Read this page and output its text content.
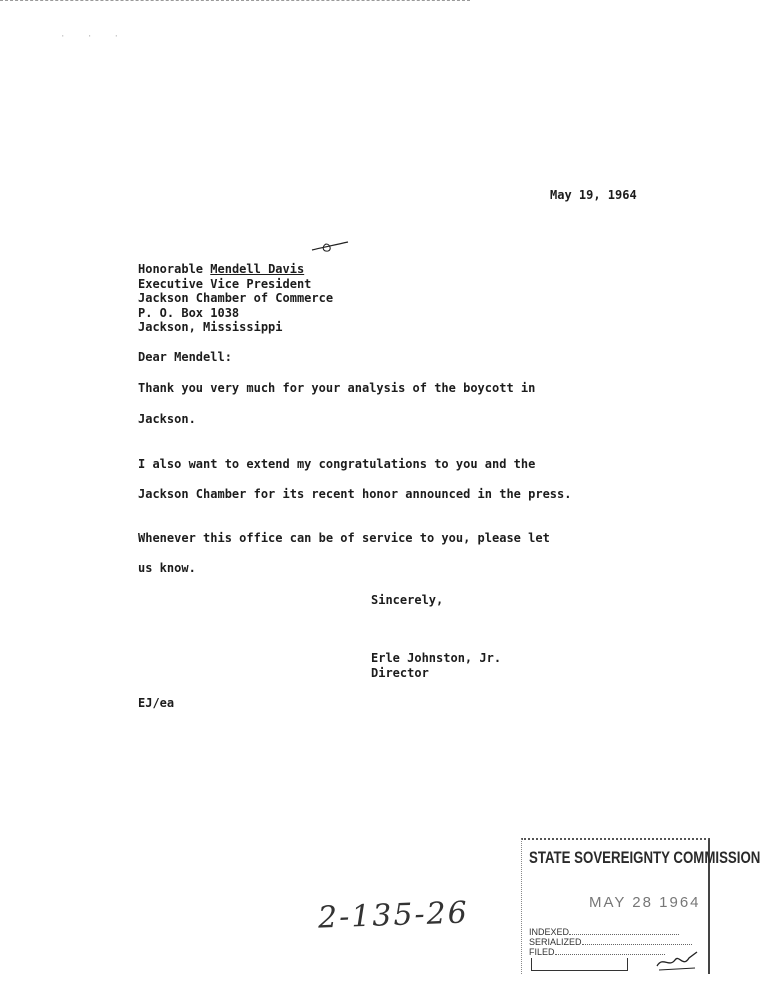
· · ·
May 19, 1964
Honorable Mendell Davis
Executive Vice President
Jackson Chamber of Commerce
P. O. Box 1038
Jackson, Mississippi
Dear Mendell:
Thank you very much for your analysis of the boycott in
Jackson.
I also want to extend my congratulations to you and the
Jackson Chamber for its recent honor announced in the press.
Whenever this office can be of service to you, please let
us know.
Sincerely,
Erle Johnston, Jr.
Director
EJ/ea
2-135-26
STATE SOVEREIGNTY COMMISSION
MAY 28 1964
INDEXED
SERIALIZED
FILED
